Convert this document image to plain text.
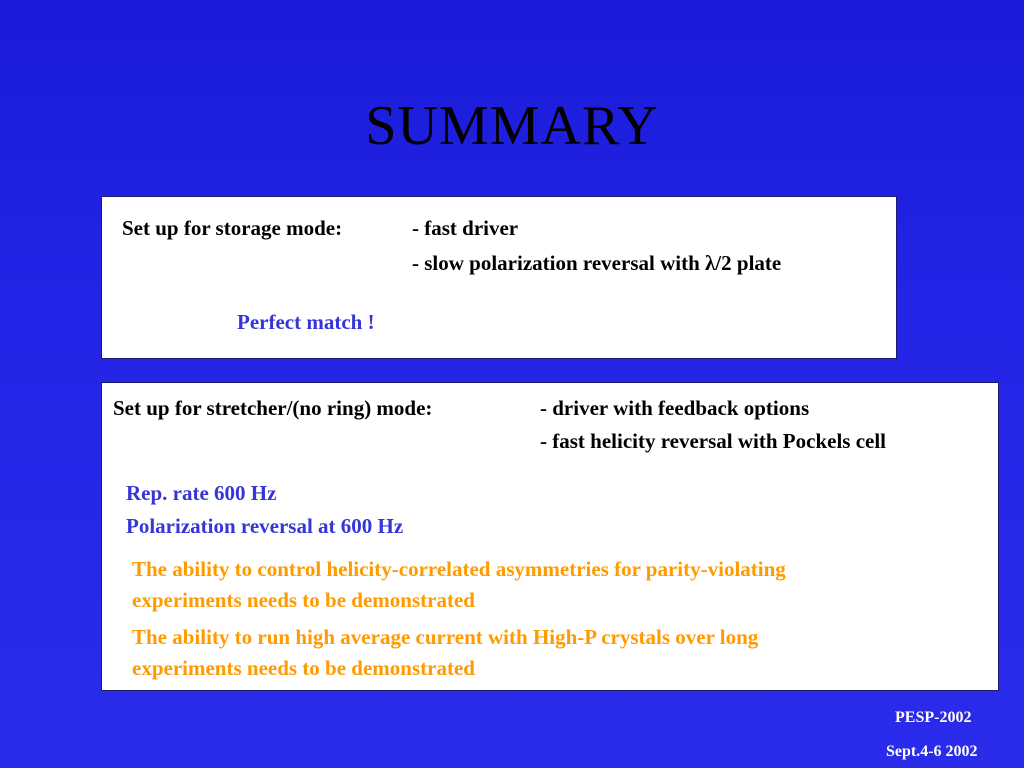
SUMMARY
Set up for storage mode:	- fast driver
- slow polarization reversal with λ/2 plate
Perfect match !
Set up for stretcher/(no ring) mode:	- driver with feedback options
- fast helicity reversal with Pockels cell
Rep. rate 600 Hz
Polarization reversal at 600 Hz
The ability to control helicity-correlated asymmetries for parity-violating
experiments needs to be demonstrated
The ability to run high average current with High-P crystals over long
experiments needs to be demonstrated
PESP-2002
Sept.4-6 2002
